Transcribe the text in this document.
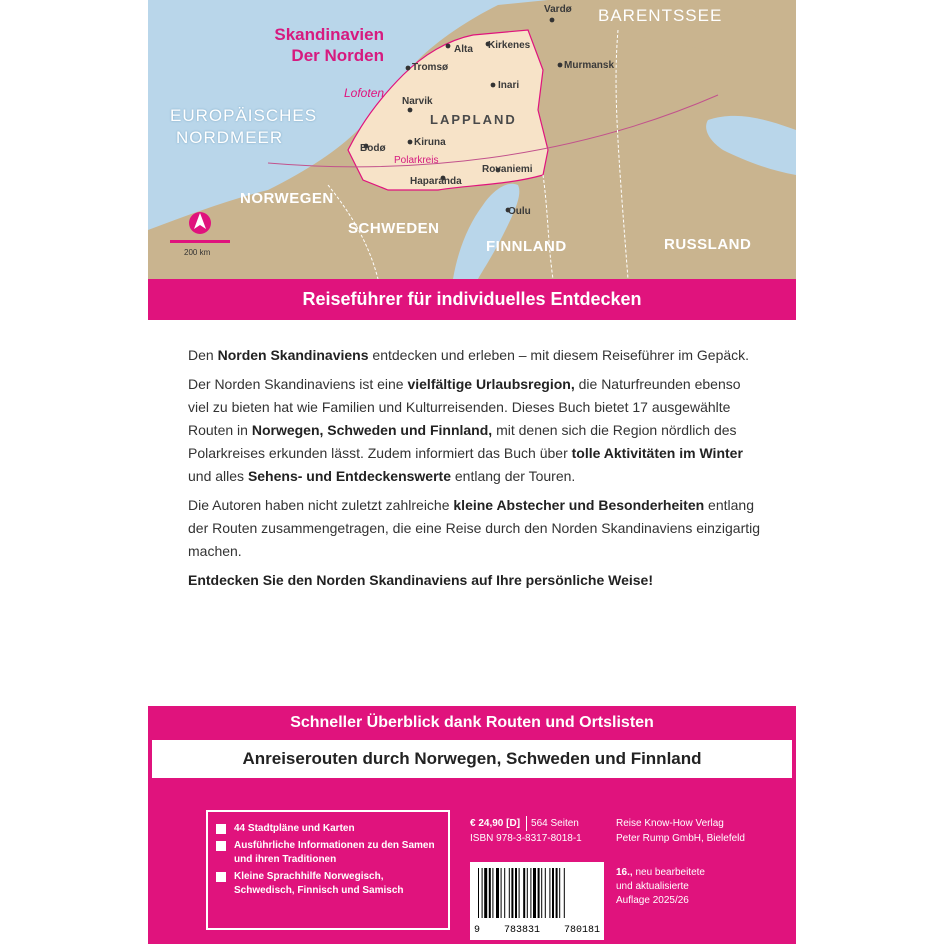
Skandinavien
Der Norden
BARENTSSEE
EUROPÄISCHES
NORDMEER
LAPPLAND
Polarkreis
200 km
NORWEGEN
SCHWEDEN
FINNLAND	RUSSLAND
Vardø
Alta Kirkenes
Tromsø	Murmansk
Inari
Lofoten
Narvik
Kiruna
Bodø
Haparanda
Rovaniemi
Oulu
Reiseführer für individuelles Entdecken

Den Norden Skandinaviens entdecken und erleben – mit diesem Reiseführer im Gepäck.

Der Norden Skandinaviens ist eine vielfältige Urlaubsregion, die Naturfreunden ebenso viel zu bieten hat wie Familien und Kulturreisenden. Dieses Buch bietet 17 ausgewählte Routen in Norwegen, Schweden und Finnland, mit denen sich die Region nördlich des Polarkreises erkunden lässt. Zudem informiert das Buch über tolle Aktivitäten im Winter und alles Sehens- und Entdeckenswerte entlang der Touren.

Die Autoren haben nicht zuletzt zahlreiche kleine Abstecher und Besonderheiten entlang der Routen zusammengetragen, die eine Reise durch den Norden Skandinaviens einzigartig machen.

Entdecken Sie den Norden Skandinaviens auf Ihre persönliche Weise!

Schneller Überblick dank Routen und Ortslisten
Anreiserouten durch Norwegen, Schweden und Finnland
44 Stadtpläne und Karten
Ausführliche Informationen zu den Samen und ihren Traditionen
Kleine Sprachhilfe Norwegisch, Schwedisch, Finnisch und Samisch
€ 24,90 [D]	564 Seiten
ISBN 978-3-8317-8018-1
Reise Know-How Verlag
Peter Rump GmbH, Bielefeld
9 783831 780181
16., neu bearbeitete
und aktualisierte
Auflage 2025/26
